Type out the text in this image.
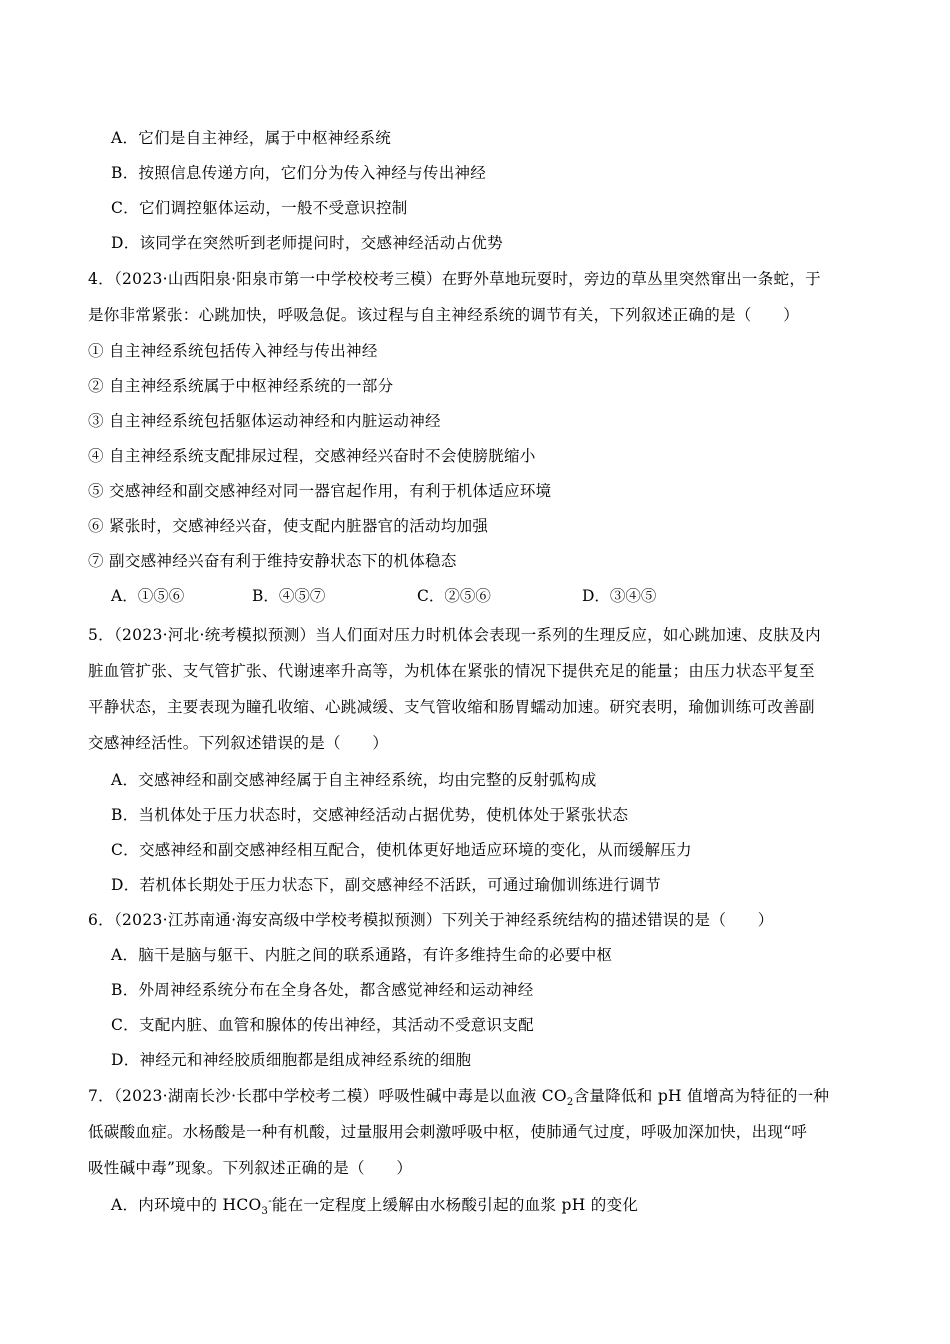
A．它们是自主神经，属于中枢神经系统
B．按照信息传递方向，它们分为传入神经与传出神经
C．它们调控躯体运动，一般不受意识控制
D．该同学在突然听到老师提问时，交感神经活动占优势
4．（2023·山西阳泉·阳泉市第一中学校校考三模）在野外草地玩耍时，旁边的草丛里突然窜出一条蛇，于
是你非常紧张：心跳加快，呼吸急促。该过程与自主神经系统的调节有关，下列叙述正确的是（　　）
① 自主神经系统包括传入神经与传出神经
② 自主神经系统属于中枢神经系统的一部分
③ 自主神经系统包括躯体运动神经和内脏运动神经
④ 自主神经系统支配排尿过程，交感神经兴奋时不会使膀胱缩小
⑤ 交感神经和副交感神经对同一器官起作用，有利于机体适应环境
⑥ 紧张时，交感神经兴奋，使支配内脏器官的活动均加强
⑦ 副交感神经兴奋有利于维持安静状态下的机体稳态
A．①⑤⑥	B．④⑤⑦	C．②⑤⑥	D．③④⑤
5．（2023·河北·统考模拟预测）当人们面对压力时机体会表现一系列的生理反应，如心跳加速、皮肤及内
脏血管扩张、支气管扩张、代谢速率升高等，为机体在紧张的情况下提供充足的能量；由压力状态平复至
平静状态，主要表现为瞳孔收缩、心跳减缓、支气管收缩和肠胃蠕动加速。研究表明，瑜伽训练可改善副
交感神经活性。下列叙述错误的是（　　）
A．交感神经和副交感神经属于自主神经系统，均由完整的反射弧构成
B．当机体处于压力状态时，交感神经活动占据优势，使机体处于紧张状态
C．交感神经和副交感神经相互配合，使机体更好地适应环境的变化，从而缓解压力
D．若机体长期处于压力状态下，副交感神经不活跃，可通过瑜伽训练进行调节
6．（2023·江苏南通·海安高级中学校考模拟预测）下列关于神经系统结构的描述错误的是（　　）
A．脑干是脑与躯干、内脏之间的联系通路，有许多维持生命的必要中枢
B．外周神经系统分布在全身各处，都含感觉神经和运动神经
C．支配内脏、血管和腺体的传出神经，其活动不受意识支配
D．神经元和神经胶质细胞都是组成神经系统的细胞
7．（2023·湖南长沙·长郡中学校考二模）呼吸性碱中毒是以血液 $CO_2$含量降低和 pH 值增高为特征的一种
低碳酸血症。水杨酸是一种有机酸，过量服用会刺激呼吸中枢，使肺通气过度，呼吸加深加快，出现“呼
吸性碱中毒”现象。下列叙述正确的是（　　）
A．内环境中的 $HCO_3^-$能在一定程度上缓解由水杨酸引起的血浆 pH 的变化
